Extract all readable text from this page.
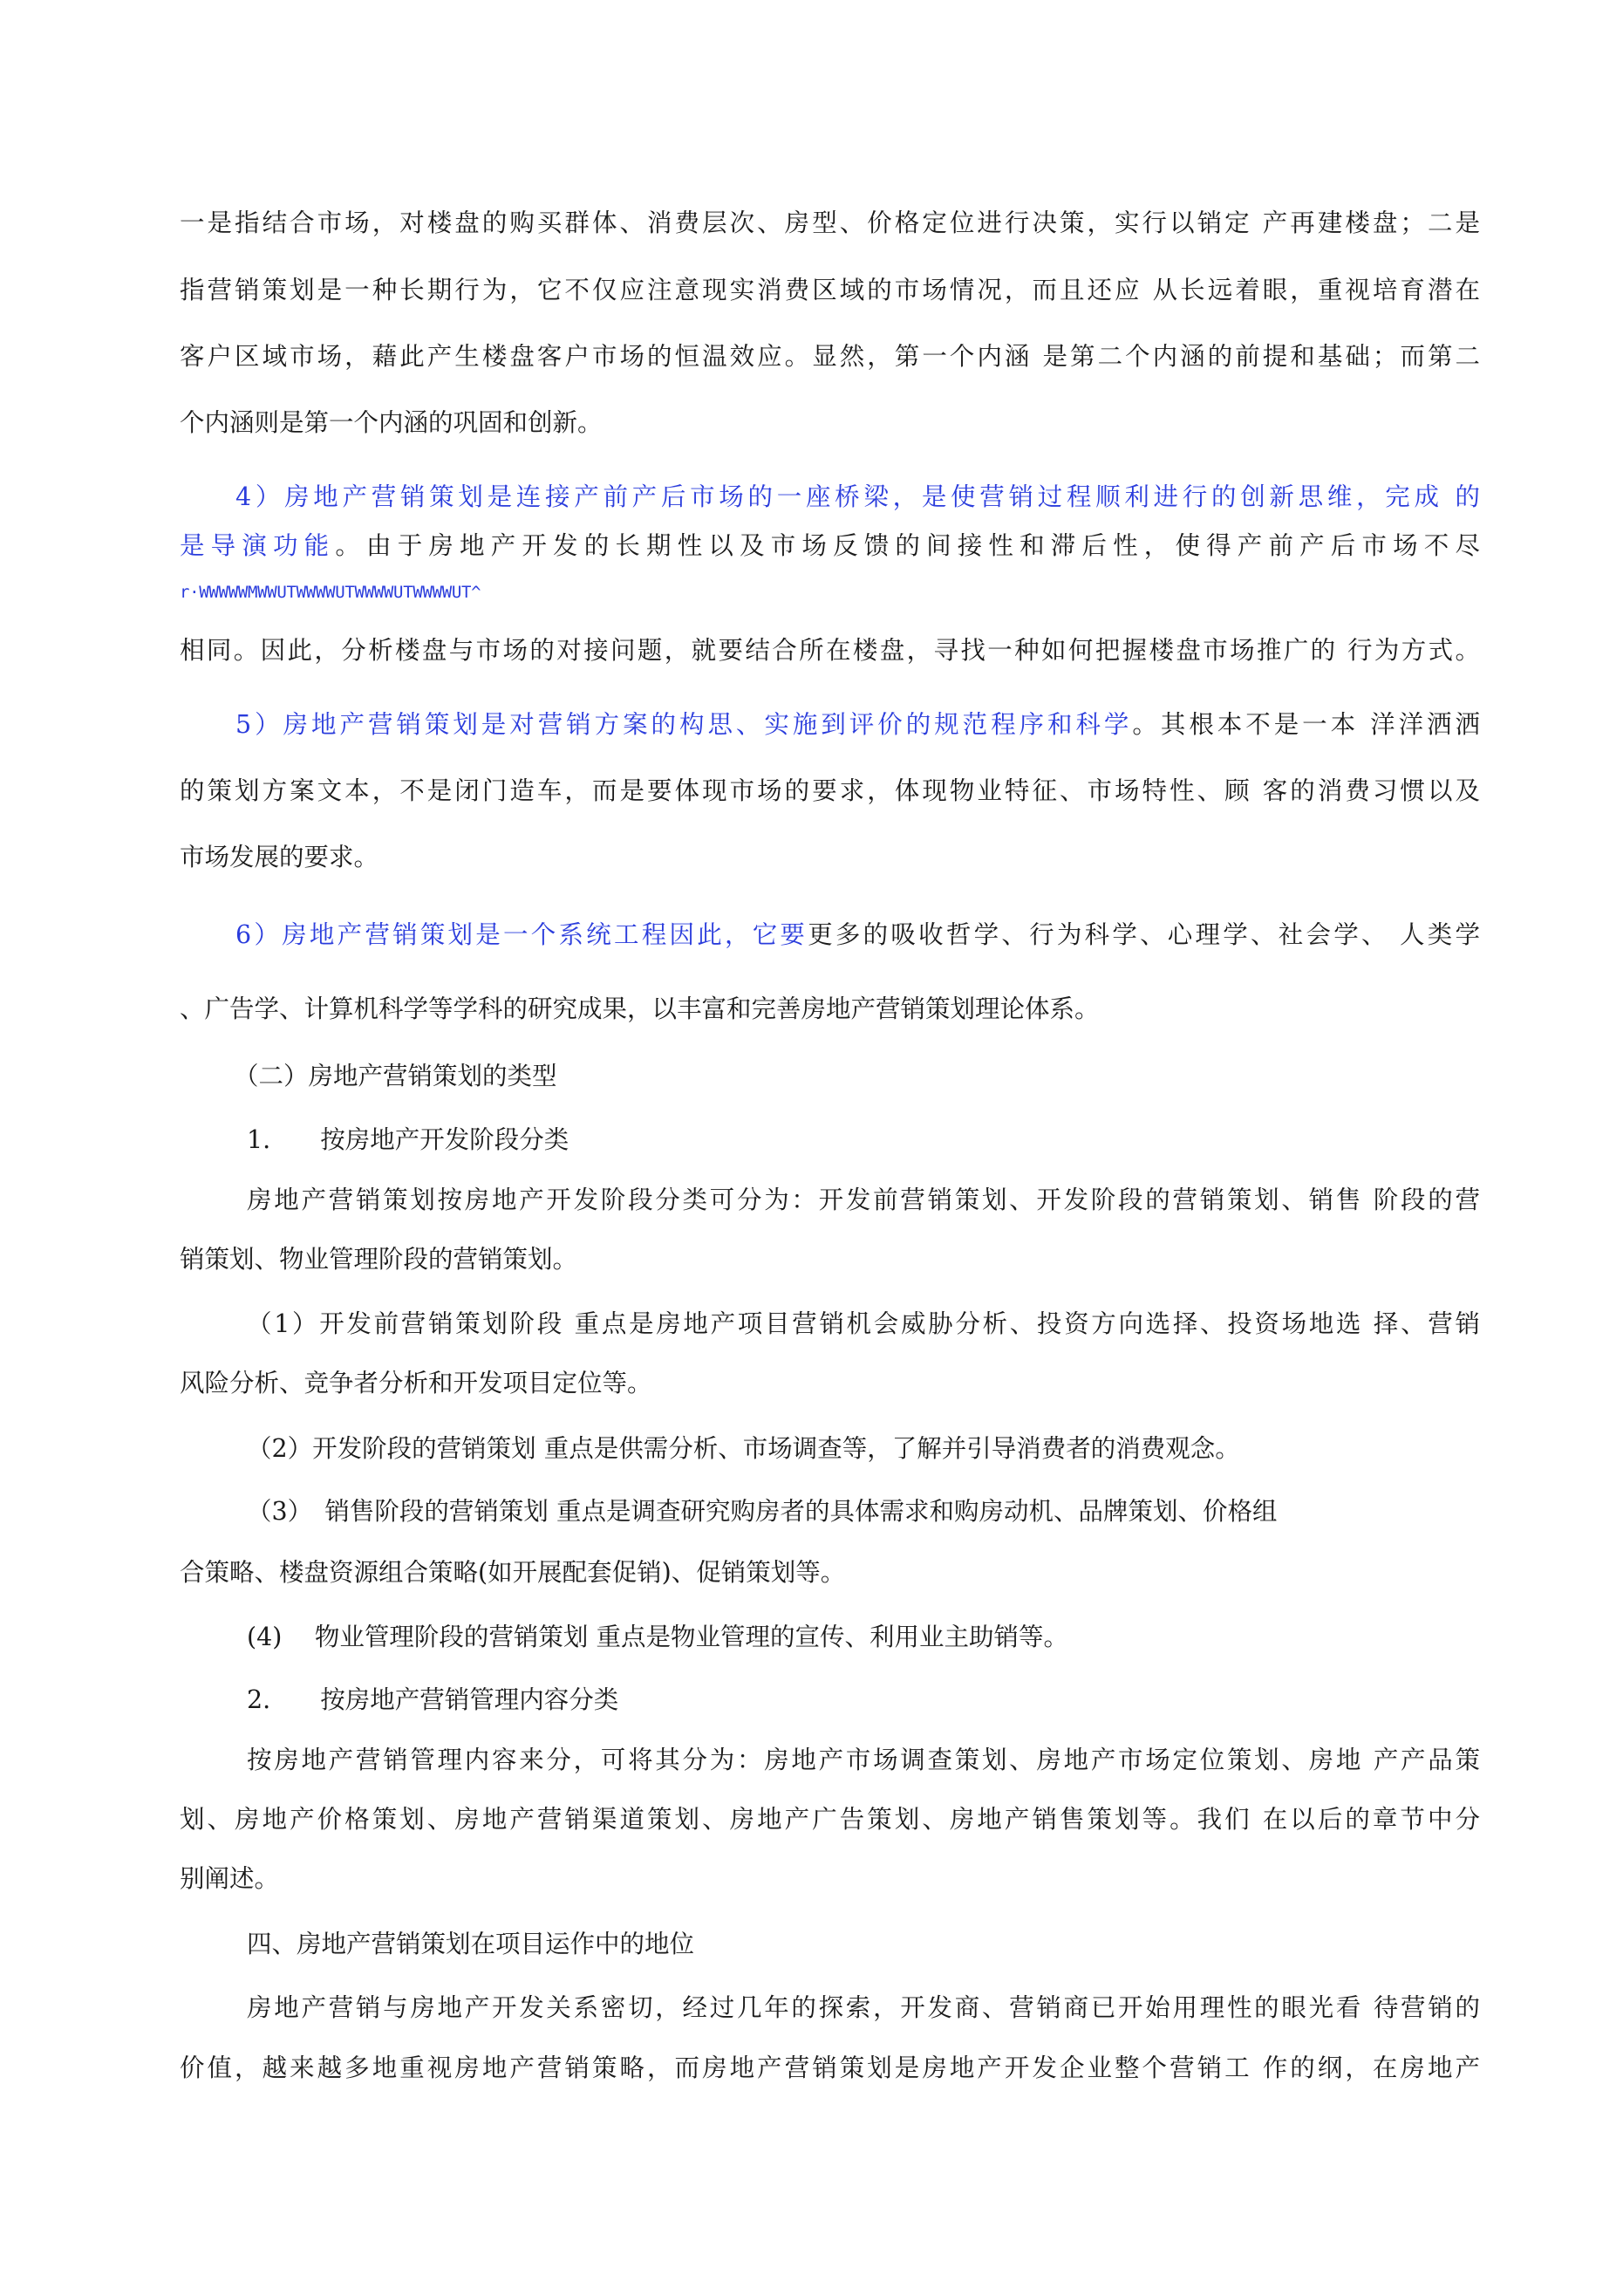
一是指结合市场，对楼盘的购买群体、消费层次、房型、价格定位进行决策，实行以销定 产再建楼盘；二是
指营销策划是一种长期行为，它不仅应注意现实消费区域的市场情况，而且还应 从长远着眼，重视培育潜在
客户区域市场，藉此产生楼盘客户市场的恒温效应。显然，第一个内涵 是第二个内涵的前提和基础；而第二
个内涵则是第一个内涵的巩固和创新。
4）房地产营销策划是连接产前产后市场的一座桥梁，是使营销过程顺利进行的创新思维，完成 的
是导演功能。由于房地产开发的长期性以及市场反馈的间接性和滞后性，使得产前产后市场不尽
r·WWWWWMWWUTWWWWUTWWWWUTWWWWUT^
相同。因此，分析楼盘与市场的对接问题，就要结合所在楼盘，寻找一种如何把握楼盘市场推广的 行为方式。
5）房地产营销策划是对营销方案的构思、实施到评价的规范程序和科学。其根本不是一本 洋洋洒洒
的策划方案文本，不是闭门造车，而是要体现市场的要求，体现物业特征、市场特性、顾 客的消费习惯以及
市场发展的要求。
6）房地产营销策划是一个系统工程因此，它要更多的吸收哲学、行为科学、心理学、社会学、 人类学
、广告学、计算机科学等学科的研究成果，以丰富和完善房地产营销策划理论体系。
（二）房地产营销策划的类型
1.　　按房地产开发阶段分类
房地产营销策划按房地产开发阶段分类可分为：开发前营销策划、开发阶段的营销策划、销售 阶段的营
销策划、物业管理阶段的营销策划。
（1）开发前营销策划阶段 重点是房地产项目营销机会威胁分析、投资方向选择、投资场地选 择、营销
风险分析、竞争者分析和开发项目定位等。
（2）开发阶段的营销策划 重点是供需分析、市场调查等，了解并引导消费者的消费观念。
（3）　销售阶段的营销策划 重点是调查研究购房者的具体需求和购房动机、品牌策划、价格组
合策略、楼盘资源组合策略(如开展配套促销)、促销策划等。
(4)　 物业管理阶段的营销策划 重点是物业管理的宣传、利用业主助销等。
2.　　按房地产营销管理内容分类
按房地产营销管理内容来分，可将其分为：房地产市场调查策划、房地产市场定位策划、房地 产产品策
划、房地产价格策划、房地产营销渠道策划、房地产广告策划、房地产销售策划等。我们 在以后的章节中分
别阐述。
四、房地产营销策划在项目运作中的地位
房地产营销与房地产开发关系密切，经过几年的探索，开发商、营销商已开始用理性的眼光看 待营销的
价值，越来越多地重视房地产营销策略，而房地产营销策划是房地产开发企业整个营销工 作的纲，在房地产
